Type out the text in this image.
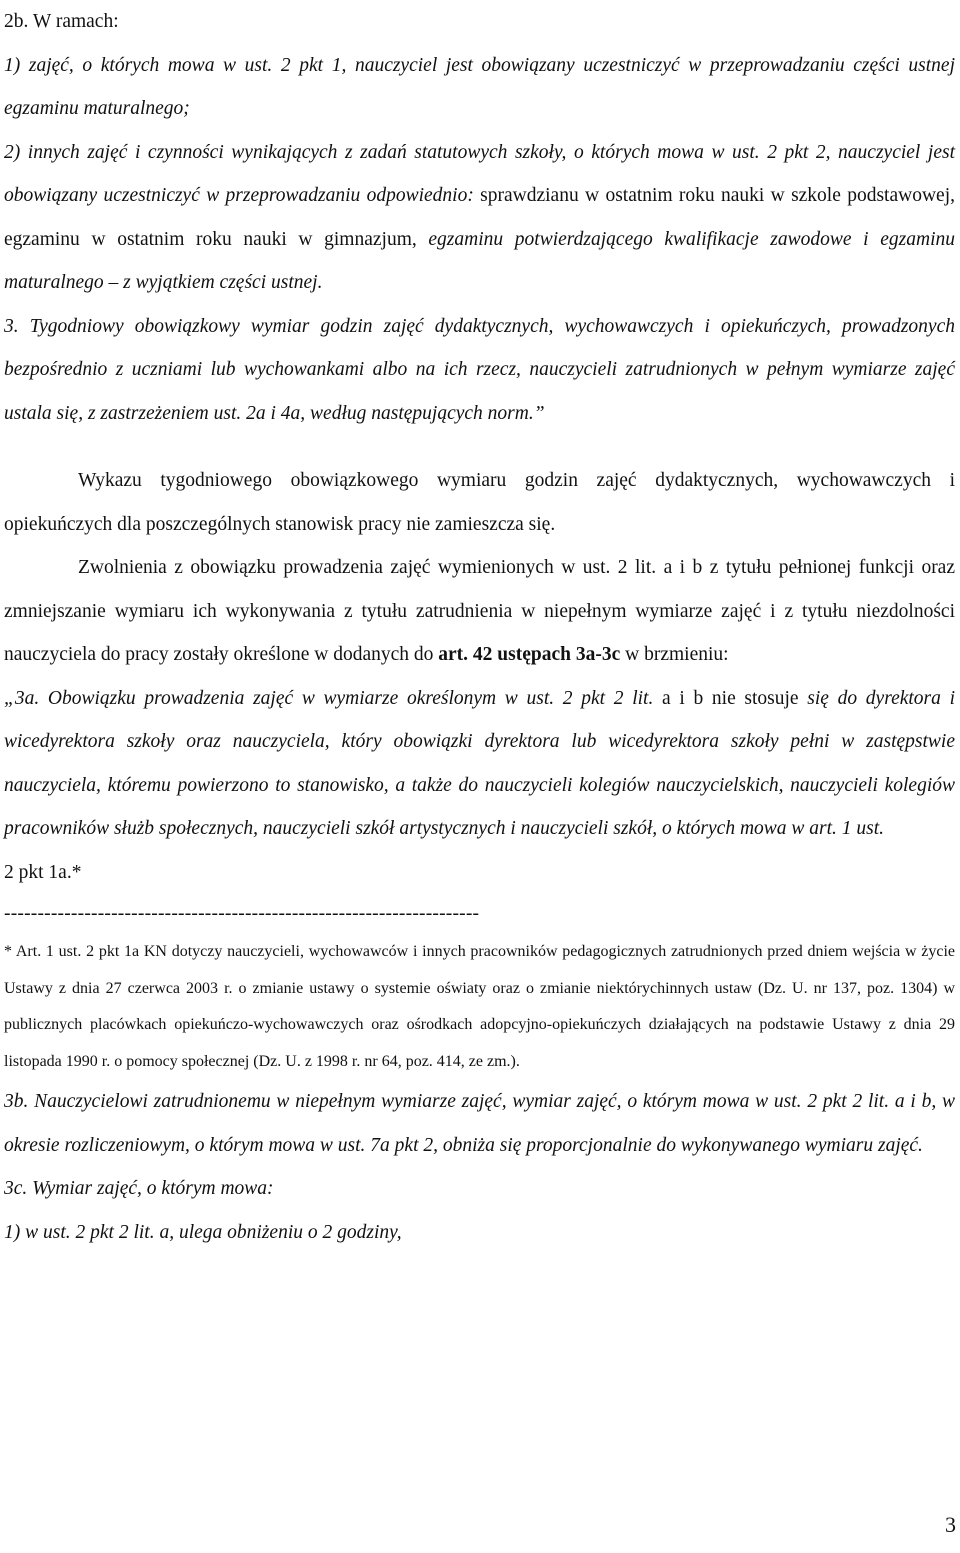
2b. W ramach:

1) zajęć, o których mowa w ust. 2 pkt 1, nauczyciel jest obowiązany uczestniczyć w przeprowadzaniu części ustnej egzaminu maturalnego;

2) innych zajęć i czynności wynikających z zadań statutowych szkoły, o których mowa w ust. 2 pkt 2, nauczyciel jest obowiązany uczestniczyć w przeprowadzaniu odpowiednio: sprawdzianu w ostatnim roku nauki w szkole podstawowej, egzaminu w ostatnim roku nauki w gimnazjum, egzaminu potwierdzającego kwalifikacje zawodowe i egzaminu maturalnego – z wyjątkiem części ustnej.

3. Tygodniowy obowiązkowy wymiar godzin zajęć dydaktycznych, wychowawczych i opiekuńczych, prowadzonych bezpośrednio z uczniami lub wychowankami albo na ich rzecz, nauczycieli zatrudnionych w pełnym wymiarze zajęć ustala się, z zastrzeżeniem ust. 2a i 4a, według następujących norm.”

Wykazu tygodniowego obowiązkowego wymiaru godzin zajęć dydaktycznych, wychowawczych i opiekuńczych dla poszczególnych stanowisk pracy nie zamieszcza się.

Zwolnienia z obowiązku prowadzenia zajęć wymienionych w ust. 2 lit. a i b z tytułu pełnionej funkcji oraz zmniejszanie wymiaru ich wykonywania z tytułu zatrudnienia w niepełnym wymiarze zajęć i z tytułu niezdolności nauczyciela do pracy zostały określone w dodanych do art. 42 ustępach 3a-3c w brzmieniu:

„3a. Obowiązku prowadzenia zajęć w wymiarze określonym w ust. 2 pkt 2 lit. a i b nie stosuje się do dyrektora i wicedyrektora szkoły oraz nauczyciela, który obowiązki dyrektora lub wicedyrektora szkoły pełni w zastępstwie nauczyciela, któremu powierzono to stanowisko, a także do nauczycieli kolegiów nauczycielskich, nauczycieli kolegiów pracowników służb społecznych, nauczycieli szkół artystycznych i nauczycieli szkół, o których mowa w art. 1 ust.

2 pkt 1a.*

-----------------------------------------------------------------------

* Art. 1 ust. 2 pkt 1a KN dotyczy nauczycieli, wychowawców i innych pracowników pedagogicznych zatrudnionych przed dniem wejścia w życie Ustawy z dnia 27 czerwca 2003 r. o zmianie ustawy o systemie oświaty oraz o zmianie niektórychinnych ustaw (Dz. U. nr 137, poz. 1304) w publicznych placówkach opiekuńczo-wychowawczych oraz ośrodkach adopcyjno-opiekuńczych działających na podstawie Ustawy z dnia 29 listopada 1990 r. o pomocy społecznej (Dz. U. z 1998 r. nr 64, poz. 414, ze zm.).

3b. Nauczycielowi zatrudnionemu w niepełnym wymiarze zajęć, wymiar zajęć, o którym mowa w ust. 2 pkt 2 lit. a i b, w okresie rozliczeniowym, o którym mowa w ust. 7a pkt 2, obniża się proporcjonalnie do wykonywanego wymiaru zajęć.

3c. Wymiar zajęć, o którym mowa:

1) w ust. 2 pkt 2 lit. a, ulega obniżeniu o 2 godziny,

3
